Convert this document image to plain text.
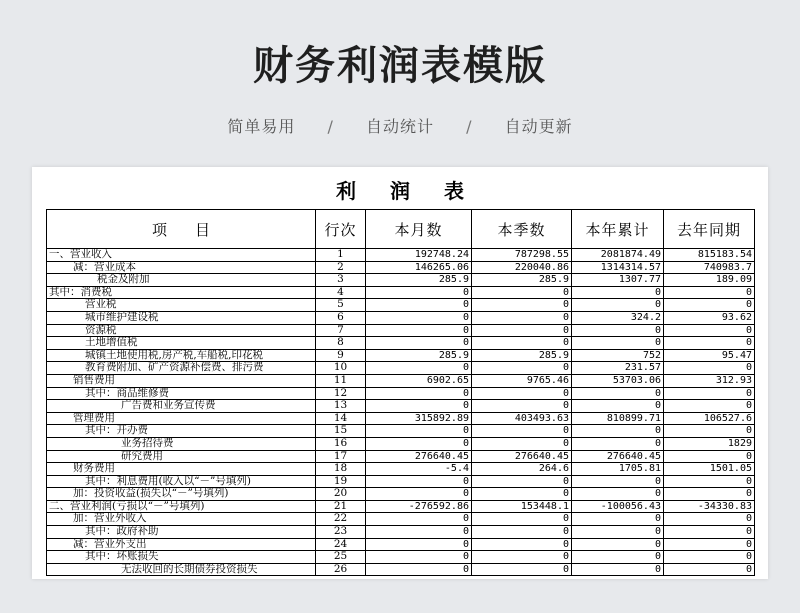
财务利润表模版
简单易用 / 自动统计 / 自动更新
利润表
项目	行次	本月数	本季数	本年累计	去年同期
一、营业收入	1	192748.24	787298.55	2081874.49	815183.54
减：营业成本	2	146265.06	220040.86	1314314.57	740983.7
税金及附加	3	285.9	285.9	1307.77	189.09
其中：消费税	4	0	0	0	0
营业税	5	0	0	0	0
城市维护建设税	6	0	0	324.2	93.62
资源税	7	0	0	0	0
土地增值税	8	0	0	0	0
城镇土地使用税,房产税,车船税,印花税	9	285.9	285.9	752	95.47
教育费附加、矿产资源补偿费、排污费	10	0	0	231.57	0
销售费用	11	6902.65	9765.46	53703.06	312.93
其中：商品维修费	12	0	0	0	0
广告费和业务宣传费	13	0	0	0	0
管理费用	14	315892.89	403493.63	810899.71	106527.6
其中：开办费	15	0	0	0	0
业务招待费	16	0	0	0	1829
研究费用	17	276640.45	276640.45	276640.45	0
财务费用	18	-5.4	264.6	1705.81	1501.05
其中：利息费用(收入以“－”号填列)	19	0	0	0	0
加：投资收益(损失以“－”号填列)	20	0	0	0	0
二、营业利润(亏损以“－”号填列)	21	-276592.86	153448.1	-100056.43	-34330.83
加：营业外收入	22	0	0	0	0
其中：政府补助	23	0	0	0	0
减：营业外支出	24	0	0	0	0
其中：坏账损失	25	0	0	0	0
无法收回的长期债券投资损失	26	0	0	0	0
